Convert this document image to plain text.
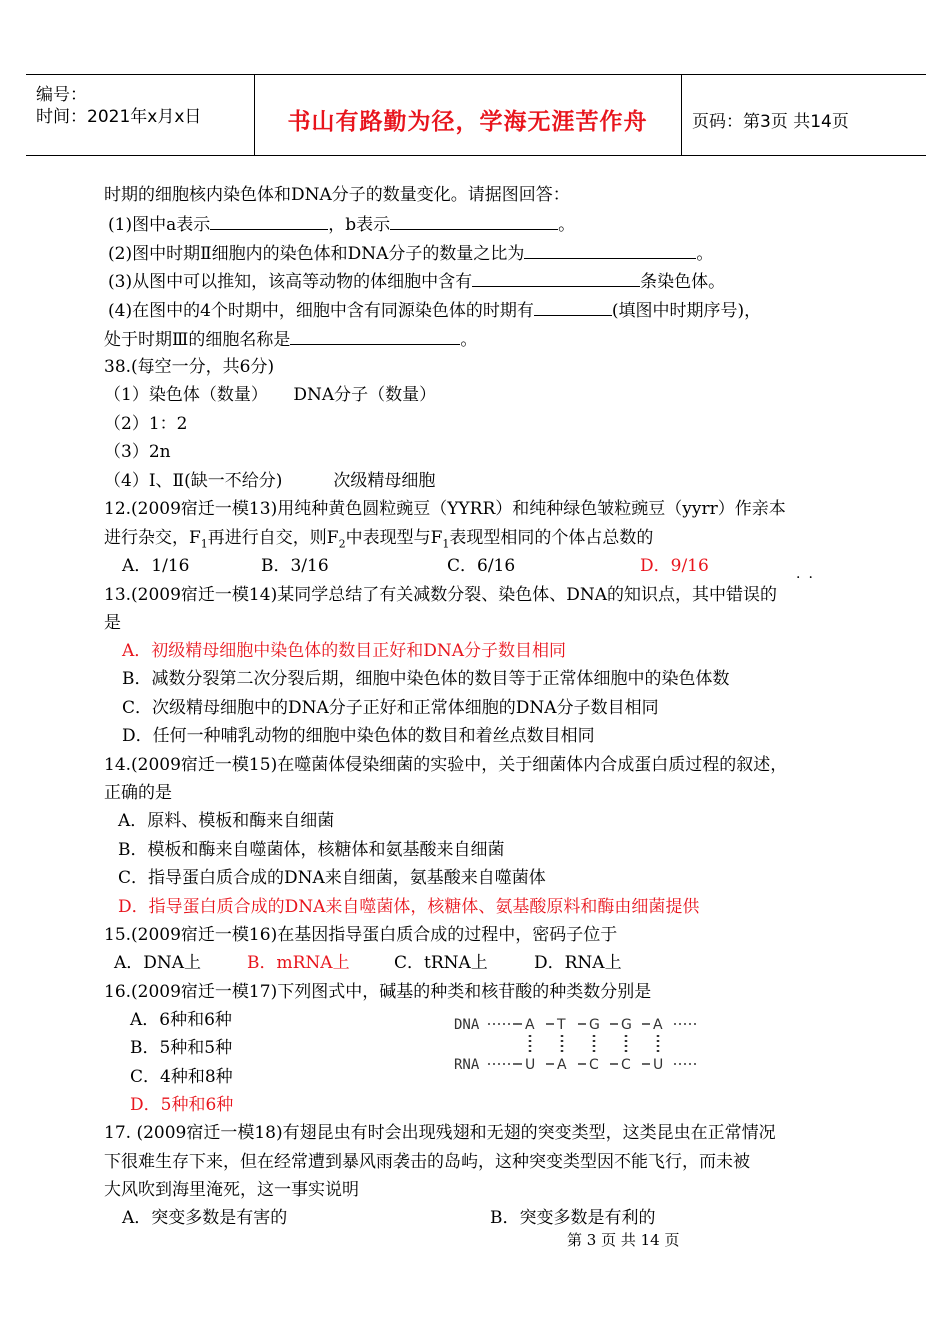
编号：
时间：2021年x月x日	书山有路勤为径，学海无涯苦作舟	页码：第3页 共14页
时期的细胞核内染色体和DNA分子的数量变化。请据图回答：
(1)图中a表示	，b表示	。
(2)图中时期Ⅱ细胞内的染色体和DNA分子的数量之比为	。
(3)从图中可以推知，该高等动物的体细胞中含有	条染色体。
(4)在图中的4个时期中，细胞中含有同源染色体的时期有	(填图中时期序号)，
处于时期Ⅲ的细胞名称是	。
38.(每空一分，共6分)
（1）染色体（数量）　　DNA分子（数量）
（2）1：2
（3）2n
（4）Ⅰ、Ⅱ(缺一不给分)　　　次级精母细胞
12.(2009宿迁一模13)用纯种黄色圆粒豌豆（YYRR）和纯种绿色皱粒豌豆（yyrr）作亲本
进行杂交，$F_1$再进行自交，则$F_2$中表现型与$F_1$表现型相同的个体占总数的
A．1/16	B．3/16	C．6/16	D．9/16
··
13.(2009宿迁一模14)某同学总结了有关减数分裂、染色体、DNA的知识点，其中错误的
是
A．初级精母细胞中染色体的数目正好和DNA分子数目相同
B．减数分裂第二次分裂后期，细胞中染色体的数目等于正常体细胞中的染色体数
C．次级精母细胞中的DNA分子正好和正常体细胞的DNA分子数目相同
D．任何一种哺乳动物的细胞中染色体的数目和着丝点数目相同
14.(2009宿迁一模15)在噬菌体侵染细菌的实验中，关于细菌体内合成蛋白质过程的叙述，
正确的是
A．原料、模板和酶来自细菌
B．模板和酶来自噬菌体，核糖体和氨基酸来自细菌
C．指导蛋白质合成的DNA来自细菌，氨基酸来自噬菌体
D．指导蛋白质合成的DNA来自噬菌体，核糖体、氨基酸原料和酶由细菌提供
15.(2009宿迁一模16)在基因指导蛋白质合成的过程中，密码子位于
A．DNA上	B．mRNA上	C．tRNA上	D．RNA上
16.(2009宿迁一模17)下列图式中，碱基的种类和核苷酸的种类数分别是
A．6种和6种
B．5种和5种
C．4种和8种
D．5种和6种
DNA
RNA
A T G G A
U A C C U
17. (2009宿迁一模18)有翅昆虫有时会出现残翅和无翅的突变类型，这类昆虫在正常情况
下很难生存下来，但在经常遭到暴风雨袭击的岛屿，这种突变类型因不能飞行，而未被
大风吹到海里淹死，这一事实说明
A．突变多数是有害的	B．突变多数是有利的
第 3 页 共 14 页
